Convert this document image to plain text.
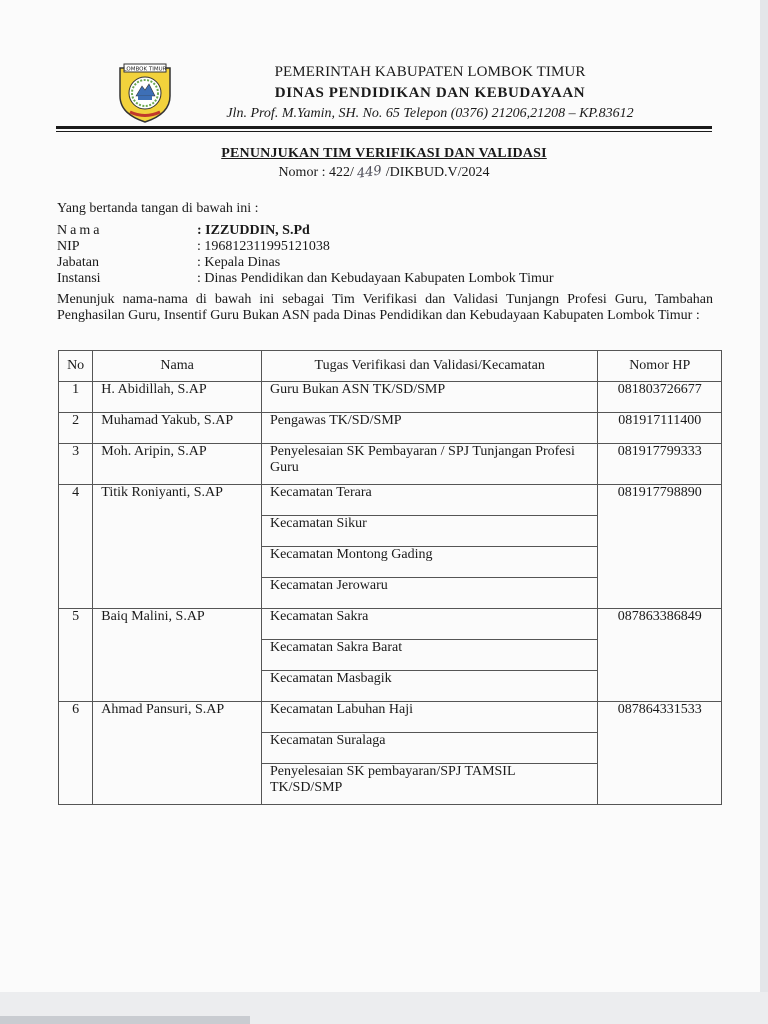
LOMBOK TIMUR	PEMERINTAH KABUPATEN LOMBOK TIMUR
DINAS PENDIDIKAN DAN KEBUDAYAAN
Jln. Prof. M.Yamin, SH. No. 65 Telepon (0376) 21206,21208 – KP.83612
PENUNJUKAN TIM VERIFIKASI DAN VALIDASI
Nomor : 422/ 449 /DIKBUD.V/2024
Yang bertanda tangan di bawah ini :
Nama	: IZZUDDIN, S.Pd
NIP	: 196812311995121038
Jabatan	: Kepala Dinas
Instansi	: Dinas Pendidikan dan Kebudayaan Kabupaten Lombok Timur
Menunjuk nama-nama di bawah ini sebagai Tim Verifikasi dan Validasi Tunjangn Profesi Guru, Tambahan Penghasilan Guru, Insentif Guru Bukan ASN pada Dinas Pendidikan dan Kebudayaan Kabupaten Lombok Timur :
No	Nama	Tugas Verifikasi dan Validasi/Kecamatan	Nomor HP
1	H. Abidillah, S.AP	Guru Bukan ASN TK/SD/SMP	081803726677
2	Muhamad Yakub, S.AP	Pengawas TK/SD/SMP	081917111400
3	Moh. Aripin, S.AP	Penyelesaian SK Pembayaran / SPJ Tunjangan Profesi Guru	081917799333
4	Titik Roniyanti, S.AP	Kecamatan Terara	081917798890
		Kecamatan Sikur	
		Kecamatan Montong Gading	
		Kecamatan Jerowaru	
5	Baiq Malini, S.AP	Kecamatan Sakra	087863386849
		Kecamatan Sakra Barat	
		Kecamatan Masbagik	
6	Ahmad Pansuri, S.AP	Kecamatan Labuhan Haji	087864331533
		Kecamatan Suralaga	
		Penyelesaian SK pembayaran/SPJ TAMSIL TK/SD/SMP	
